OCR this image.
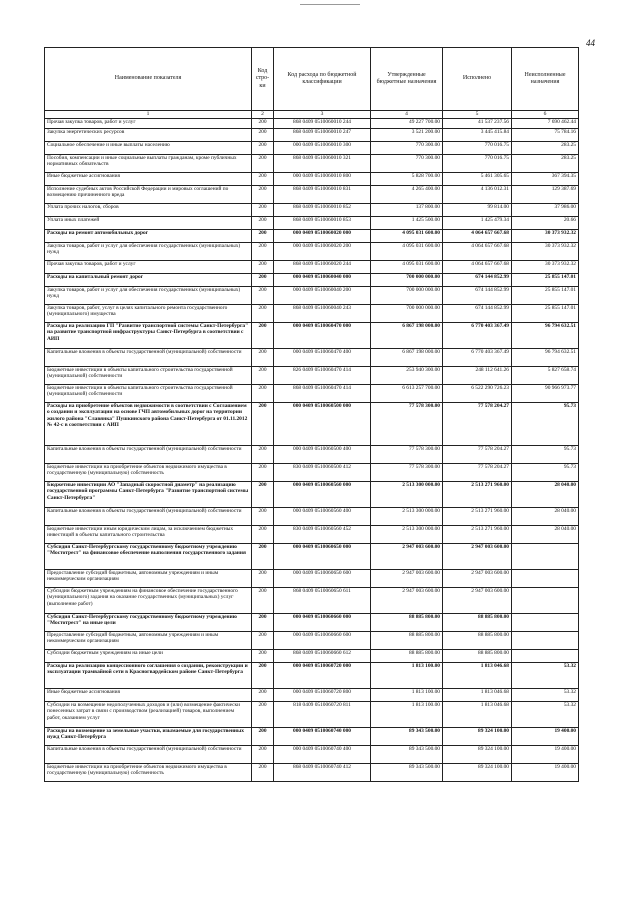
44
Наименование показателя	Код стро-ки	Код расхода по бюджетной классификации	Утвержденные бюджетные назначения	Исполнено	Неисполненные назначения
1	2	3	4	5	6
Прочая закупка товаров, работ и услуг	200	868 0409 0510060010 244	49 227 700.00	41 537 237.56	7 690 462.44
Закупка энергетических ресурсов	200	868 0409 0510060010 247	3 521 200.00	3 445 415.84	75 784.16
Социальное обеспечение и иные выплаты населению	200	000 0409 0510060010 300	770 300.00	770 016.75	283.25
Пособия, компенсации и иные социальные выплаты гражданам, кроме публичных нормативных обязательств	200	868 0409 0510060010 321	770 300.00	770 016.75	283.25
Иные бюджетные ассигнования	200	000 0409 0510060010 800	5 828 700.00	5 461 305.65	367 394.35
Исполнение судебных актов Российской Федерации и мировых соглашений по возмещению причиненного вреда	200	868 0409 0510060010 831	4 265 400.00	4 136 012.31	129 387.69
Уплата прочих налогов, сборов	200	868 0409 0510060010 852	137 800.00	99 814.00	37 986.00
Уплата иных платежей	200	868 0409 0510060010 853	1 425 500.00	1 425 479.34	20.66
Расходы на ремонт автомобильных дорог	200	000 0409 0510060020 000	4 095 031 600.00	4 064 657 667.68	30 373 932.32
Закупка товаров, работ и услуг для обеспечения государственных (муниципальных) нужд	200	000 0409 0510060020 200	4 095 031 600.00	4 064 657 667.68	30 373 932.32
Прочая закупка товаров, работ и услуг	200	868 0409 0510060020 244	4 095 031 600.00	4 064 657 667.68	30 373 932.32
Расходы на капитальный ремонт дорог	200	000 0409 0510060040 000	700 000 000.00	674 144 852.99	25 855 147.01
Закупка товаров, работ и услуг для обеспечения государственных (муниципальных) нужд	200	000 0409 0510060040 200	700 000 000.00	674 144 852.99	25 855 147.01
Закупка товаров, работ, услуг в целях капитального ремонта государственного (муниципального) имущества	200	868 0409 0510060040 243	700 000 000.00	674 144 852.99	25 855 147.01
Расходы на реализацию ГП "Развитие транспортной системы Санкт-Петербурга" на развитие транспортной инфраструктуры Санкт-Петербурга в соответствии с АИП	200	000 0409 0510060470 000	6 867 198 000.00	6 770 403 367.49	96 794 632.51
Капитальные вложения в объекты государственной (муниципальной) собственности	200	000 0409 0510060470 400	6 867 198 000.00	6 770 403 367.49	96 794 632.51
Бюджетные инвестиции в объекты капитального строительства государственной (муниципальной) собственности	200	826 0409 0510060470 414	253 940 300.00	248 112 641.26	5 827 658.74
Бюджетные инвестиции в объекты капитального строительства государственной (муниципальной) собственности	200	868 0409 0510060470 414	6 613 257 700.00	6 522 290 726.23	90 966 973.77
Расходы на приобретение объектов недвижимости в соответствии с Соглашением о создании и эксплуатации на основе ГЧП автомобильных дорог на территории жилого района "Славянка" Пушкинского района Санкт-Петербурга от 01.11.2012 № 42-с в соответствии с АИП	200	000 0409 0510060500 000	77 578 300.00	77 578 204.27	95.73
Капитальные вложения в объекты государственной (муниципальной) собственности	200	000 0409 0510060500 400	77 578 300.00	77 578 204.27	95.73
Бюджетные инвестиции на приобретение объектов недвижимого имущества в государственную (муниципальную) собственность	200	830 0409 0510060500 412	77 578 300.00	77 578 204.27	95.73
Бюджетные инвестиции АО "Западный скоростной диаметр" на реализацию государственной программы Санкт-Петербурга "Развитие транспортной системы Санкт-Петербурга"	200	000 0409 0510060560 000	2 513 300 000.00	2 513 271 960.00	28 040.00
Капитальные вложения в объекты государственной (муниципальной) собственности	200	000 0409 0510060560 400	2 513 300 000.00	2 513 271 960.00	28 040.00
Бюджетные инвестиции иным юридическим лицам, за исключением бюджетных инвестиций в объекты капитального строительства	200	830 0409 0510060560 452	2 513 300 000.00	2 513 271 960.00	28 040.00
Субсидия Санкт-Петербургскому государственному бюджетному учреждению "Мостотрест" на финансовое обеспечение выполнения государственного задания	200	000 0409 0510060650 000	2 947 003 600.00	2 947 003 600.00	
Предоставление субсидий бюджетным, автономным учреждениям и иным некоммерческим организациям	200	000 0409 0510060650 600	2 947 003 600.00	2 947 003 600.00	
Субсидии бюджетным учреждениям на финансовое обеспечение государственного (муниципального) задания на оказание государственных (муниципальных) услуг (выполнение работ)	200	868 0409 0510060650 611	2 947 003 600.00	2 947 003 600.00	
Субсидия Санкт-Петербургскому государственному бюджетному учреждению "Мостотрест" на иные цели	200	000 0409 0510060660 000	88 885 800.00	88 885 800.00	
Предоставление субсидий бюджетным, автономным учреждениям и иным некоммерческим организациям	200	000 0409 0510060660 600	88 885 800.00	88 885 800.00	
Субсидии бюджетным учреждениям на иные цели	200	868 0409 0510060660 612	88 885 800.00	88 885 800.00	
Расходы на реализацию концессионного соглашения о создании, реконструкции и эксплуатации трамвайной сети в Красногвардейском районе Санкт-Петербурга	200	000 0409 0510060720 000	1 813 100.00	1 813 046.68	53.32
Иные бюджетные ассигнования	200	000 0409 0510060720 800	1 813 100.00	1 813 046.68	53.32
Субсидии на возмещение недополученных доходов и (или) возмещение фактически понесенных затрат в связи с производством (реализацией) товаров, выполнением работ, оказанием услуг	200	818 0409 0510060720 811	1 813 100.00	1 813 046.68	53.32
Расходы на возмещение за земельные участки, изымаемые для государственных нужд Санкт-Петербурга	200	000 0409 0510060740 000	89 343 500.00	89 324 100.00	19 400.00
Капитальные вложения в объекты государственной (муниципальной) собственности	200	000 0409 0510060740 400	89 343 500.00	89 324 100.00	19 400.00
Бюджетные инвестиции на приобретение объектов недвижимого имущества в государственную (муниципальную) собственность	200	868 0409 0510060740 412	89 343 500.00	89 324 100.00	19 400.00
